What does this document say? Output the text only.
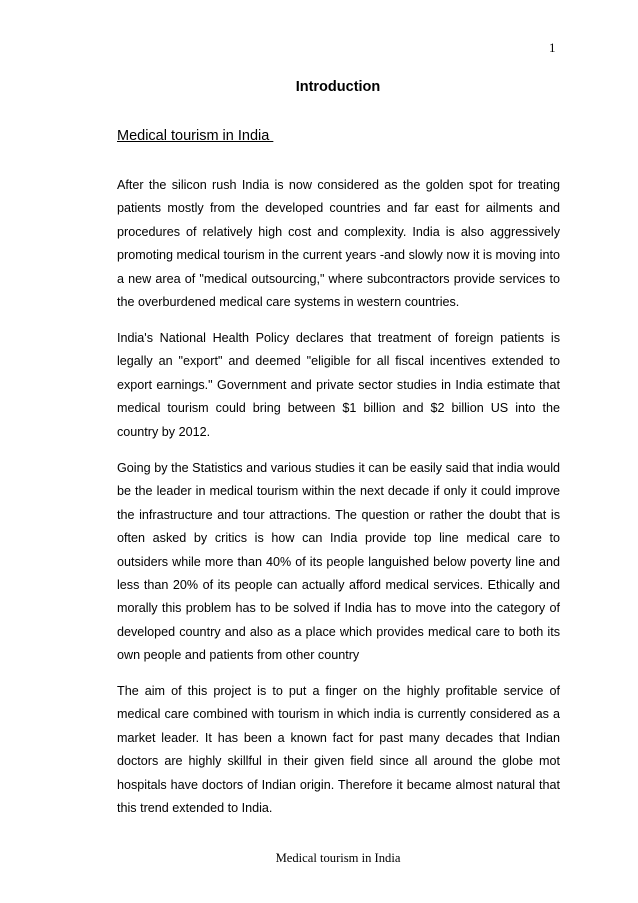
1
Introduction
Medical tourism in India

After the silicon rush India is now considered as the golden spot for treating patients mostly from the developed countries and far east for ailments and procedures of relatively high cost and complexity. India is also aggressively promoting medical tourism in the current years -and slowly now it is moving into a new area of "medical outsourcing," where subcontractors provide services to the overburdened medical care systems in western countries.

India's National Health Policy declares that treatment of foreign patients is legally an "export" and deemed "eligible for all fiscal incentives extended to export earnings." Government and private sector studies in India estimate that medical tourism could bring between $1 billion and $2 billion US into the country by 2012.

Going by the Statistics and various studies it can be easily said that india would be the leader in medical tourism within the next decade if only it could improve the infrastructure and tour attractions. The question or rather the doubt that is often asked by critics is how can India provide top line medical care to outsiders while more than 40% of its people languished below poverty line and less than 20% of its people can actually afford medical services. Ethically and morally this problem has to be solved if India has to move into the category of developed country and also as a place which provides medical care to both its own people and patients from other country

The aim of this project is to put a finger on the highly profitable service of medical care combined with tourism in which india is currently considered as a market leader. It has been a known fact for past many decades that Indian doctors are highly skillful in their given field since all around the globe mot hospitals have doctors of Indian origin. Therefore it became almost natural that this trend extended to India.

Medical tourism in India
